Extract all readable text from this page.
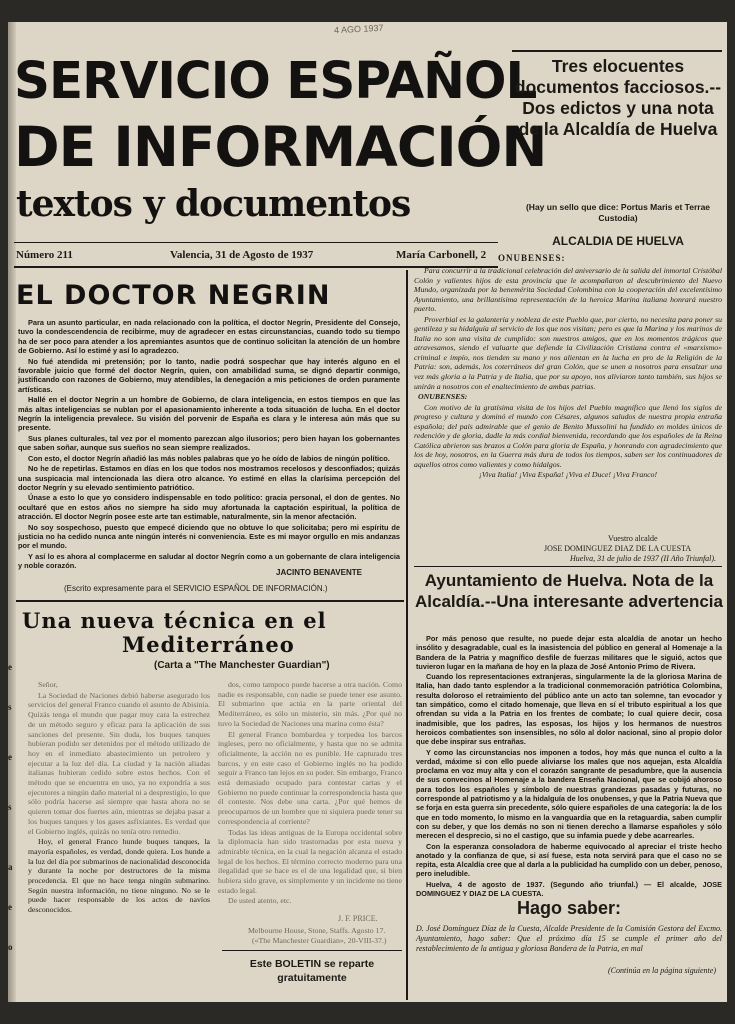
4 AGO 1937
SERVICIO ESPAÑOL
DE INFORMACIÓN
textos y documentos
Número 211	Valencia, 31 de Agosto de 1937	María Carbonell, 2
Tres elocuentes documentos facciosos.--Dos edictos y una nota de la Alcaldía de Huelva
(Hay un sello que dice: Portus Maris et Terrae Custodia)
ALCALDIA DE HUELVA
ONUBENSES:
EL DOCTOR NEGRIN

Para un asunto particular, en nada relacionado con la política, el doctor Negrín, Presidente del Consejo, tuvo la condescendencia de recibirme, muy de agradecer en estas circunstancias, cuando todo su tiempo ha de ser poco para atender a los apremiantes asuntos que de continuo solicitan la atención de un hombre de Gobierno. Así lo estimé y así lo agradezco.

No fué atendida mi pretensión; por lo tanto, nadie podrá sospechar que hay interés alguno en el favorable juicio que formé del doctor Negrín, quien, con amabilidad suma, se dignó departir conmigo, justificando con razones de Gobierno, muy atendibles, la denegación a mis peticiones de orden puramente artísticas.

Hallé en el doctor Negrín a un hombre de Gobierno, de clara inteligencia, en estos tiempos en que las más altas inteligencias se nublan por el apasionamiento inherente a toda situación de lucha. En el doctor Negrín la inteligencia prevalece. Su visión del porvenir de España es clara y le interesa aún más que su presente.

Sus planes culturales, tal vez por el momento parezcan algo ilusorios; pero bien hayan los gobernantes que saben soñar, aunque sus sueños no sean siempre realizados.

Con esto, el doctor Negrín añadió las más nobles palabras que yo he oído de labios de ningún político.

No he de repetirlas. Estamos en días en los que todos nos mostramos recelosos y desconfiados; quizás una suspicacia mal intencionada las diera otro alcance. Yo estimé en ellas la clarísima percepción del doctor Negrín y su elevado sentimiento patriótico.

Únase a esto lo que yo considero indispensable en todo político: gracia personal, el don de gentes. No ocultaré que en estos años no siempre ha sido muy afortunada la captación espiritual, la política de atracción. El doctor Negrín posee este arte tan estimable, naturalmente, sin la menor afectación.

No soy sospechoso, puesto que empecé diciendo que no obtuve lo que solicitaba; pero mi espíritu de justicia no ha cedido nunca ante ningún interés ni conveniencia. Este es mi mayor orgullo en mis andanzas por el mundo.

Y así lo es ahora al complacerme en saludar al doctor Negrín como a un gobernante de clara inteligencia y noble corazón.

JACINTO BENAVENTE
(Escrito expresamente para el SERVICIO ESPAÑOL DE INFORMACIÓN.)
Una nueva técnica en el
Mediterráneo
(Carta a "The Manchester Guardian")

Señor,

La Sociedad de Naciones debió haberse asegurado los servicios del general Franco cuando el asunto de Abisinia. Quizás tenga el mundo que pagar muy cara la estrechez de un método seguro y eficaz para la aplicación de sus sanciones del presente. Sin duda, los buques tanques hubieran podido ser detenidos por el método utilizado de hoy en el inmediato abastecimiento un petrolero y ejecutar a la luz del día. La ciudad y la nación aliadas italianas hubieran cedido sobre estos hechos. Con el método que se encuentra en uso, ya no expondría a sus ejecutores a ningún daño material ni a desprestigio, lo que sólo podría hacerse así siempre que hasta ahora no se quieren tomar dos fuertes aún, mientras se dejaba pasar a los buques tanques y los gases asfixiantes. Es verdad que el Gobierno inglés, quizás no tenía otro remedio.

Hoy, el general Franco hunde buques tanques, la mayoría españoles, es verdad, donde quiera. Los hunde a la luz del día por submarinos de nacionalidad desconocida y durante la noche por destructores de la misma procedencia. El que no hace tenga ningún submarino. Según nuestra información, no tiene ninguno. No se le puede hacer responsable de los actos de navíos desconocidos.

dos, como tampoco puede hacerse a otra nación. Como nadie es responsable, con nadie se puede tener ese asunto. El submarino que actúa en la parte oriental del Mediterráneo, es sólo un misterio, sin más. ¿Por qué no tuvo la Sociedad de Naciones una marina como ésta?

El general Franco bombardea y torpedea los barcos ingleses, pero no oficialmente, y hasta que no se admita oficialmente, la acción no es punible. He capturado tres barcos, y en este caso el Gobierno inglés no ha podido seguir a Franco tan lejos en su poder. Sin embargo, Franco está demasiado ocupado para contestar cartas y el Gobierno no puede continuar la correspondencia hasta que él conteste. Nos debe una carta. ¿Por qué hemos de preocuparnos de un hombre que ni siquiera puede tener su correspondencia al corriente?

Todas las ideas antiguas de la Europa occidental sobre la diplomacia han sido trastornadas por esta nueva y admirable técnica, en la cual la negación alcanza el estado legal de los hechos. El término correcto moderno para una ilegalidad que se hace es el de una legalidad que, si bien hubiera sido grave, es simplemente y un incidente no tiene estado legal.

De usted atento, etc.

J. F. PRICE.
Melbourne House, Stone, Staffs. Agosto 17.
(«The Manchester Guardian», 20-VIII-37.)
Este BOLETIN se reparte
gratuitamente

Para concurrir a la tradicional celebración del aniversario de la salida del inmortal Cristóbal Colón y valientes hijos de esta provincia que le acompañaron al descubrimiento del Nuevo Mundo, organizada por la benemérita Sociedad Colombina con la cooperación del excelentísimo Ayuntamiento, una brillantísima representación de la heroica Marina italiana honrará nuestro puerto.

Proverbial es la galantería y nobleza de este Pueblo que, por cierto, no necesita para poner su gentileza y su hidalguía al servicio de los que nos visitan; pero es que la Marina y los marinos de Italia no son una visita de cumplido: son nuestros amigos, que en los momentos trágicos que atravesamos, siendo el valuarte que defiende la Civilización Cristiana contra el «marxismo» criminal e impío, nos tienden su mano y nos alientan en la lucha en pro de la Religión de la Patria: son, además, los coterráneos del gran Colón, que se unen a nosotros para ensalzar una vez más gloria a la Patria y de Italia, que por su apoyo, nos aliviaron tanto también, sus hijos se unirán a nosotros con el enaltecimiento de ambas patrias.

ONUBENSES:

Con motivo de la gratísima visita de los hijos del Pueblo magnífico que llenó los siglos de progreso y cultura y dominó el mundo con Césares, algunos saludos de nuestra propia entraña española; del país admirable que el genio de Benito Mussolini ha fundido en moldes únicos de redención y de gloria, dadle la más cordial bienvenida, recordando que los españoles de la Reina Católica abrieron sus brazos a Colón para gloria de España, y honrando con agradecimiento que los de hoy, nosotros, en la Guerra más dura de todos los tiempos, saben ser los continuadores de aquellos otros como valientes y como hidalgos.

¡Viva Italia! ¡Viva España! ¡Viva el Duce! ¡Viva Franco!

Vuestro alcalde
JOSE DOMINGUEZ DIAZ DE LA CUESTA
Huelva, 31 de julio de 1937 (II Año Triunfal).
Ayuntamiento de Huelva. Nota de la Alcaldía.--Una interesante advertencia

Por más penoso que resulte, no puede dejar esta alcaldía de anotar un hecho insólito y desagradable, cual es la inasistencia del público en general al Homenaje a la Bandera de la Patria y magnífico desfile de fuerzas militares que le siguió, actos que tuvieron lugar en la mañana de hoy en la plaza de José Antonio Primo de Rivera.

Cuando los representaciones extranjeras, singularmente la de la gloriosa Marina de Italia, han dado tanto esplendor a la tradicional conmemoración patriótica Colombina, resulta doloroso el retraimiento del público ante un acto tan solemne, tan evocador y tan simpático, como el citado homenaje, que lleva en sí el tributo espiritual a los que ofrendan su vida a la Patria en los frentes de combate; lo cual quiere decir, cosa inadmisible, que los padres, las esposas, los hijos y los hermanos de nuestros heroicos combatientes son insensibles, no sólo al dolor nacional, sino al propio dolor que debe inspirar sus entrañas.

Y como las circunstancias nos imponen a todos, hoy más que nunca el culto a la verdad, máxime si con ello puede aliviarse los males que nos aquejan, esta Alcaldía proclama en voz muy alta y con el corazón sangrante de pesadumbre, que la ausencia de sus convecinos al Homenaje a la bandera Enseña Nacional, que se cobijó ahoroso para todos los españoles y símbolo de nuestras grandezas pasadas y futuras, no corresponde al patriotismo y a la hidalguía de los onubenses, y que la Patria Nueva que se forja en esta guerra sin precedente, sólo quiere españoles de una categoría: la de los que en todo momento, lo mismo en la vanguardia que en la retaguardia, saben cumplir con su deber, y que los demás no son ni tienen derecho a llamarse españoles y sólo merecen el desprecio, si no el castigo, que su infamia puede y debe acarrearles.

Con la esperanza consoladora de haberme equivocado al apreciar el triste hecho anotado y la confianza de que, si así fuese, esta nota servirá para que el caso no se repita, esta Alcaldía cree que al darla a la publicidad ha cumplido con un deber, penoso, pero ineludible.

Huelva, 4 de agosto de 1937. (Segundo año triunfal.) — El alcalde, JOSE DOMINGUEZ Y DIAZ DE LA CUESTA.

Hago saber:
D. José Domínguez Díaz de la Cuesta, Alcalde Presidente de la Comisión Gestora del Excmo. Ayuntamiento, hago saber: Que el próximo día 15 se cumple el primer año del restablecimiento de la antigua y gloriosa Bandera de la Patria, en mal
(Continúa en la página siguiente)
e
s
e
s
a
e
o
